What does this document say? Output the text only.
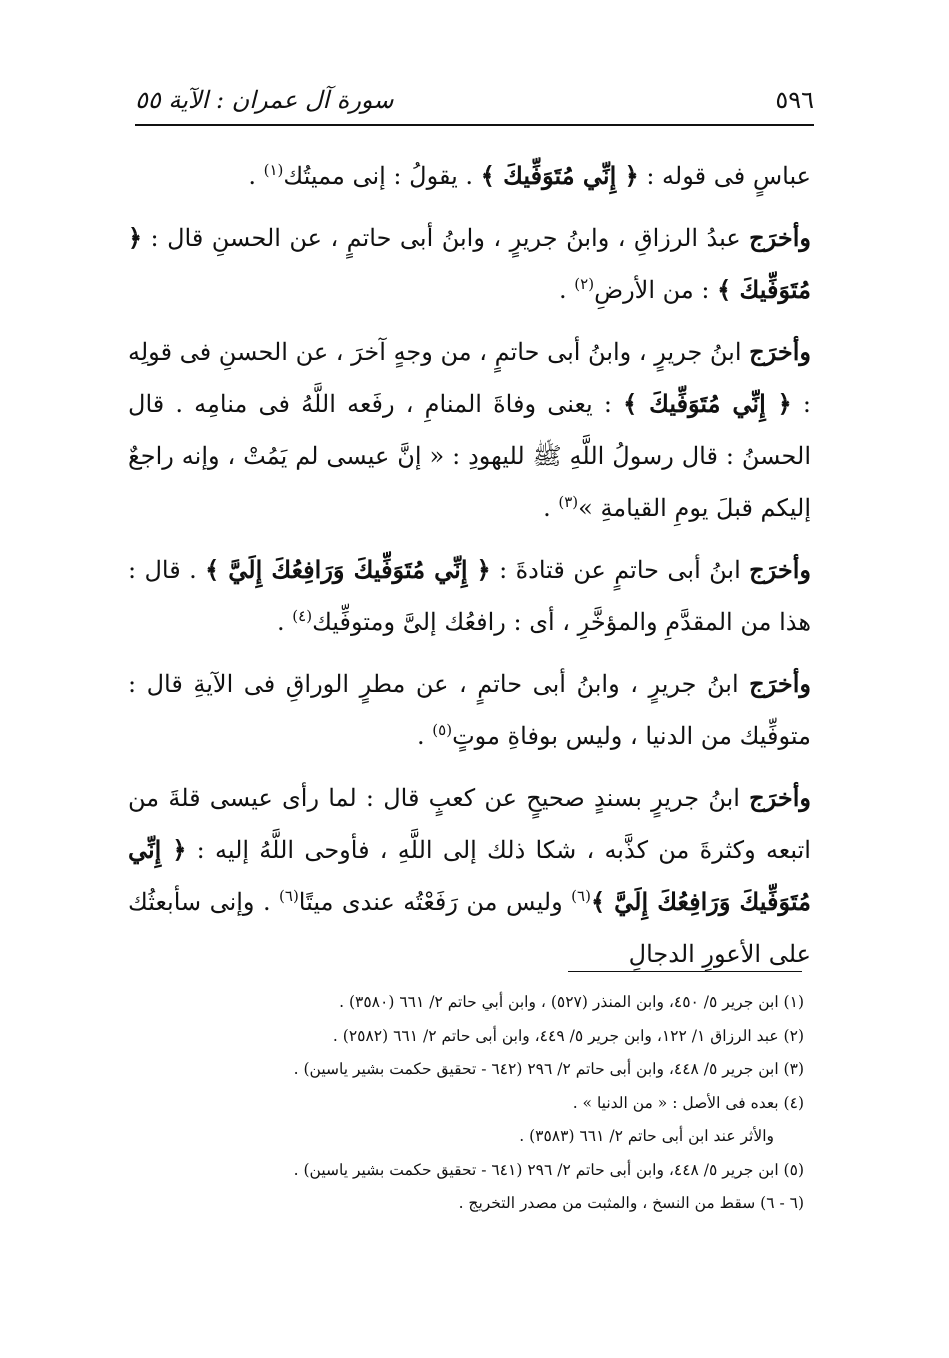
٥٩٦
سورة آل عمران : الآية ٥٥

عباسٍ فى قوله : ﴿ إِنِّي مُتَوَفِّيكَ ﴾ . يقولُ : إنى مميتُك$^{(١)}$ .

وأخرَج عبدُ الرزاقِ ، وابنُ جريرٍ ، وابنُ أبى حاتمٍ ، عن الحسنِ قال : ﴿ مُتَوَفِّيكَ ﴾ : من الأرضِ$^{(٢)}$ .

وأخرَج ابنُ جريرٍ ، وابنُ أبى حاتمٍ ، من وجهٍ آخرَ ، عن الحسنِ فى قولِه : ﴿ إِنِّي مُتَوَفِّيكَ ﴾ : يعنى وفاةَ المنامِ ، رفَعه اللَّهُ فى منامِه . قال الحسنُ : قال رسولُ اللَّهِ ﷺ لليهودِ : « إنَّ عيسى لم يَمُتْ ، وإنه راجعٌ إليكم قبلَ يومِ القيامةِ »$^{(٣)}$ .

وأخرَج ابنُ أبى حاتمٍ عن قتادةَ : ﴿ إِنِّي مُتَوَفِّيكَ وَرَافِعُكَ إِلَيَّ ﴾ . قال : هذا من المقدَّمِ والمؤخَّرِ ، أى : رافعُك إلىَّ ومتوفِّيك$^{(٤)}$ .

وأخرَج ابنُ جريرٍ ، وابنُ أبى حاتمٍ ، عن مطرٍ الوراقِ فى الآيةِ قال : متوفِّيك من الدنيا ، وليس بوفاةِ موتٍ$^{(٥)}$ .

وأخرَج ابنُ جريرٍ بسندٍ صحيحٍ عن كعبٍ قال : لما رأى عيسى قلةَ من اتبعه وكثرةَ من كذَّبه ، شكا ذلك إلى اللَّهِ ، فأوحى اللَّهُ إليه : ﴿ إِنِّي مُتَوَفِّيكَ وَرَافِعُكَ إِلَيَّ ﴾$^{(٦)}$ وليس من رَفَعْتُه عندى ميتًا$^{(٦)}$ . وإنى سأبعثُك على الأعورِ الدجالِ

(١) ابن جرير ٥/ ٤٥٠، وابن المنذر (٥٢٧) ، وابن أبي حاتم ٢/ ٦٦١ (٣٥٨٠) .

(٢) عبد الرزاق ١/ ١٢٢، وابن جرير ٥/ ٤٤٩، وابن أبى حاتم ٢/ ٦٦١ (٢٥٨٢) .

(٣) ابن جرير ٥/ ٤٤٨، وابن أبى حاتم ٢/ ٢٩٦ (٦٤٢ - تحقيق حكمت بشير ياسين) .

(٤) بعده فى الأصل : « من الدنيا » .

والأثر عند ابن أبى حاتم ٢/ ٦٦١ (٣٥٨٣) .

(٥) ابن جرير ٥/ ٤٤٨، وابن أبى حاتم ٢/ ٢٩٦ (٦٤١ - تحقيق حكمت بشير ياسين) .

(٦ - ٦) سقط من النسخ ، والمثبت من مصدر التخريج .
